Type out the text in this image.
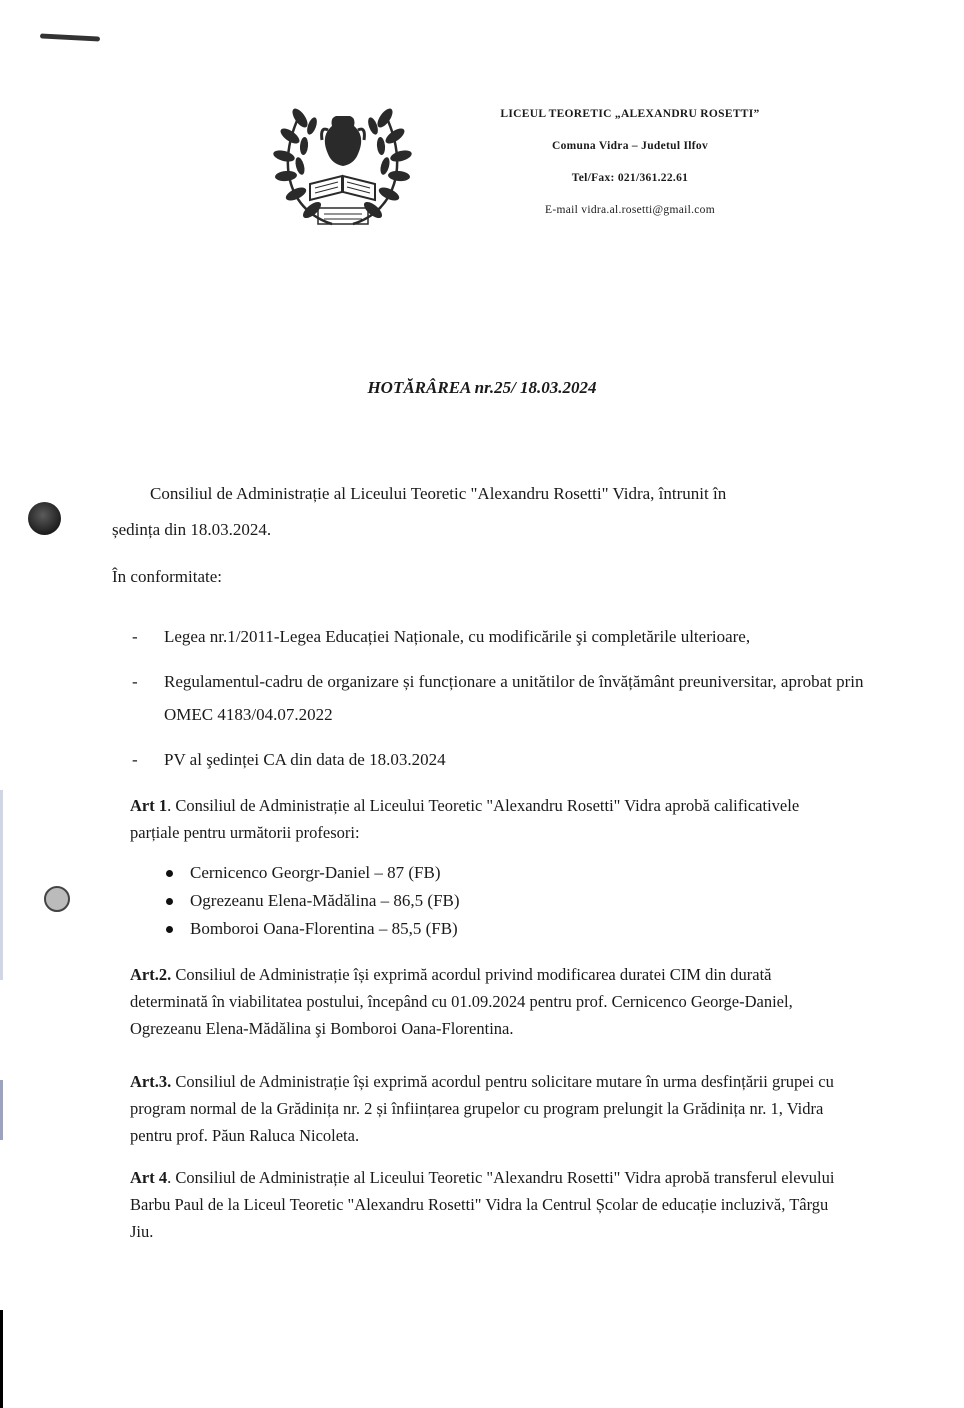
LICEUL TEORETIC „ALEXANDRU ROSETTI”
Comuna Vidra – Judetul Ilfov
Tel/Fax: 021/361.22.61
E-mail vidra.al.rosetti@gmail.com
HOTĂRÂREA nr.25/ 18.03.2024
Consiliul de Administrație al Liceului Teoretic "Alexandru Rosetti" Vidra, întrunit în
ședința din 18.03.2024.
În conformitate:
- Legea nr.1/2011-Legea Educației Naționale, cu modificările şi completările ulterioare,
- Regulamentul-cadru de organizare și funcționare a unitătilor de învățământ preuniversitar, aprobat prin OMEC 4183/04.07.2022
- PV al şedinței CA din data de 18.03.2024
Art 1. Consiliul de Administrație al Liceului Teoretic "Alexandru Rosetti" Vidra aprobă calificativele parțiale pentru următorii profesori:
Cernicenco Georgr-Daniel – 87 (FB)
Ogrezeanu Elena-Mădălina – 86,5 (FB)
Bomboroi Oana-Florentina – 85,5 (FB)
Art.2. Consiliul de Administrație își exprimă acordul privind modificarea duratei CIM din durată determinată în viabilitatea postului, începând cu 01.09.2024 pentru prof. Cernicenco George-Daniel, Ogrezeanu Elena-Mădălina şi Bomboroi Oana-Florentina.
Art.3. Consiliul de Administrație își exprimă acordul pentru solicitare mutare în urma desfințării grupei cu program normal de la Grădinița nr. 2 și înființarea grupelor cu program prelungit la Grădinița nr. 1, Vidra pentru prof. Păun Raluca Nicoleta.
Art 4. Consiliul de Administrație al Liceului Teoretic "Alexandru Rosetti" Vidra aprobă transferul elevului Barbu Paul de la Liceul Teoretic "Alexandru Rosetti" Vidra la Centrul Școlar de educație incluzivă, Târgu Jiu.
